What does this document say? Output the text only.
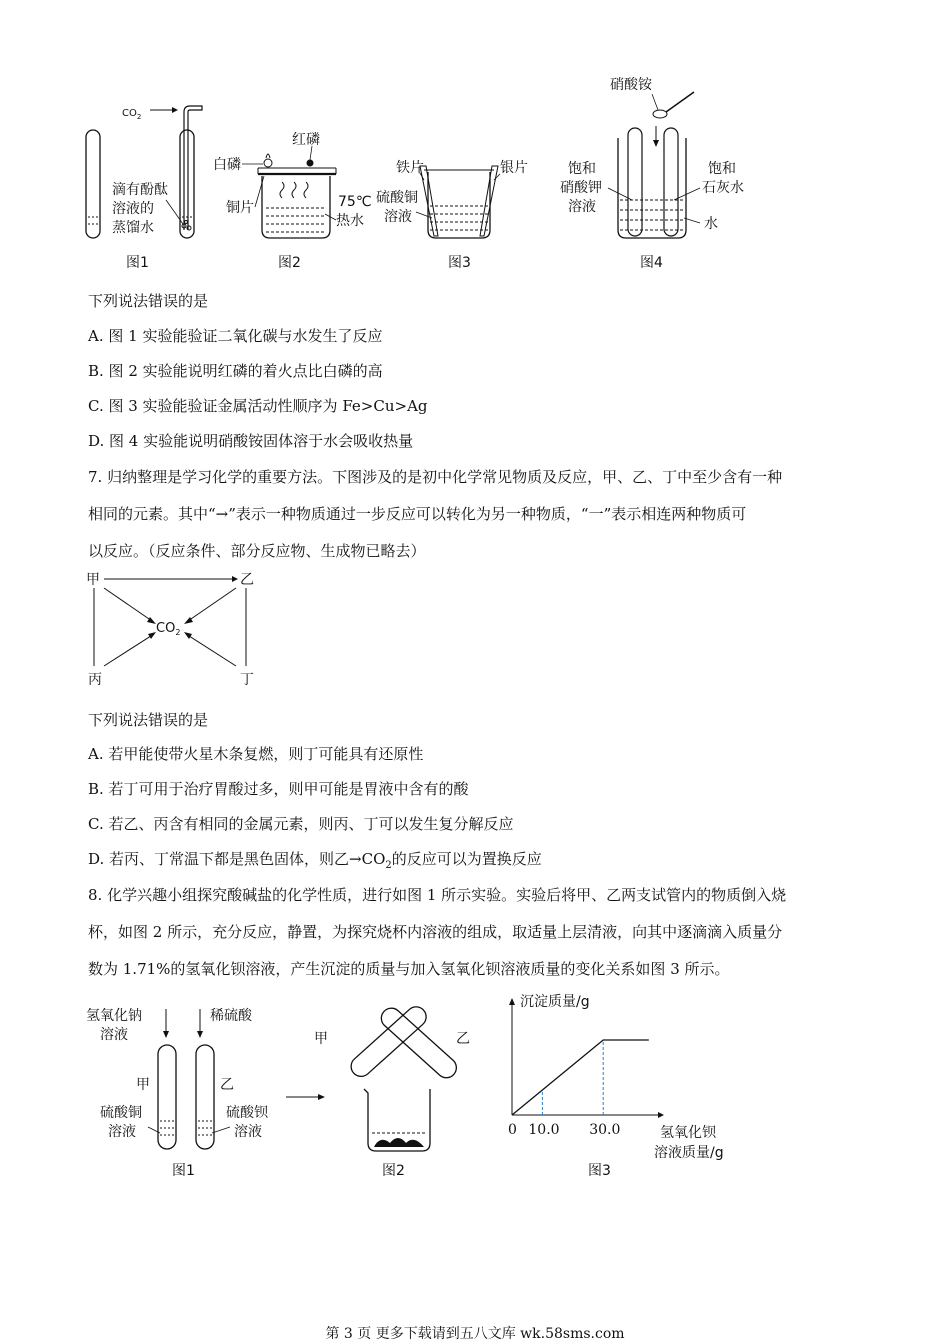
$CO_2$
滴有酚酞
溶液的
蒸馏水
图1
白磷
红磷
铜片	75℃
热水
图2
铁片	银片
硫酸铜
溶液
图3
硝酸铵
饱和
硝酸钾
溶液
饱和
石灰水
水
图4
下列说法错误的是
A. 图 1 实验能验证二氧化碳与水发生了反应
B. 图 2 实验能说明红磷的着火点比白磷的高
C. 图 3 实验能验证金属活动性顺序为 Fe>Cu>Ag
D. 图 4 实验能说明硝酸铵固体溶于水会吸收热量
7. 归纳整理是学习化学的重要方法。下图涉及的是初中化学常见物质及反应，甲、乙、丁中至少含有一种
相同的元素。其中“→”表示一种物质通过一步反应可以转化为另一种物质，“一”表示相连两种物质可
以反应。（反应条件、部分反应物、生成物已略去）
甲	乙
丙	丁
$CO_2$
下列说法错误的是
A. 若甲能使带火星木条复燃，则丁可能具有还原性
B. 若丁可用于治疗胃酸过多，则甲可能是胃液中含有的酸
C. 若乙、丙含有相同的金属元素，则丙、丁可以发生复分解反应
D. 若丙、丁常温下都是黑色固体，则乙$\to CO_2$的反应可以为置换反应
8. 化学兴趣小组探究酸碱盐的化学性质，进行如图 1 所示实验。实验后将甲、乙两支试管内的物质倒入烧
杯，如图 2 所示，充分反应，静置，为探究烧杯内溶液的组成，取适量上层清液，向其中逐滴滴入质量分
数为 1.71%的氢氧化钡溶液，产生沉淀的质量与加入氢氧化钡溶液质量的变化关系如图 3 所示。
氢氧化钠
溶液
稀硫酸
甲	乙
硫酸铜
溶液
硫酸钡
溶液
图1
甲	乙
图2
沉淀质量/g
0 10.0 30.0	氢氧化钡
溶液质量/g
图3
第 3 页 更多下载请到五八文库 wk.58sms.com
